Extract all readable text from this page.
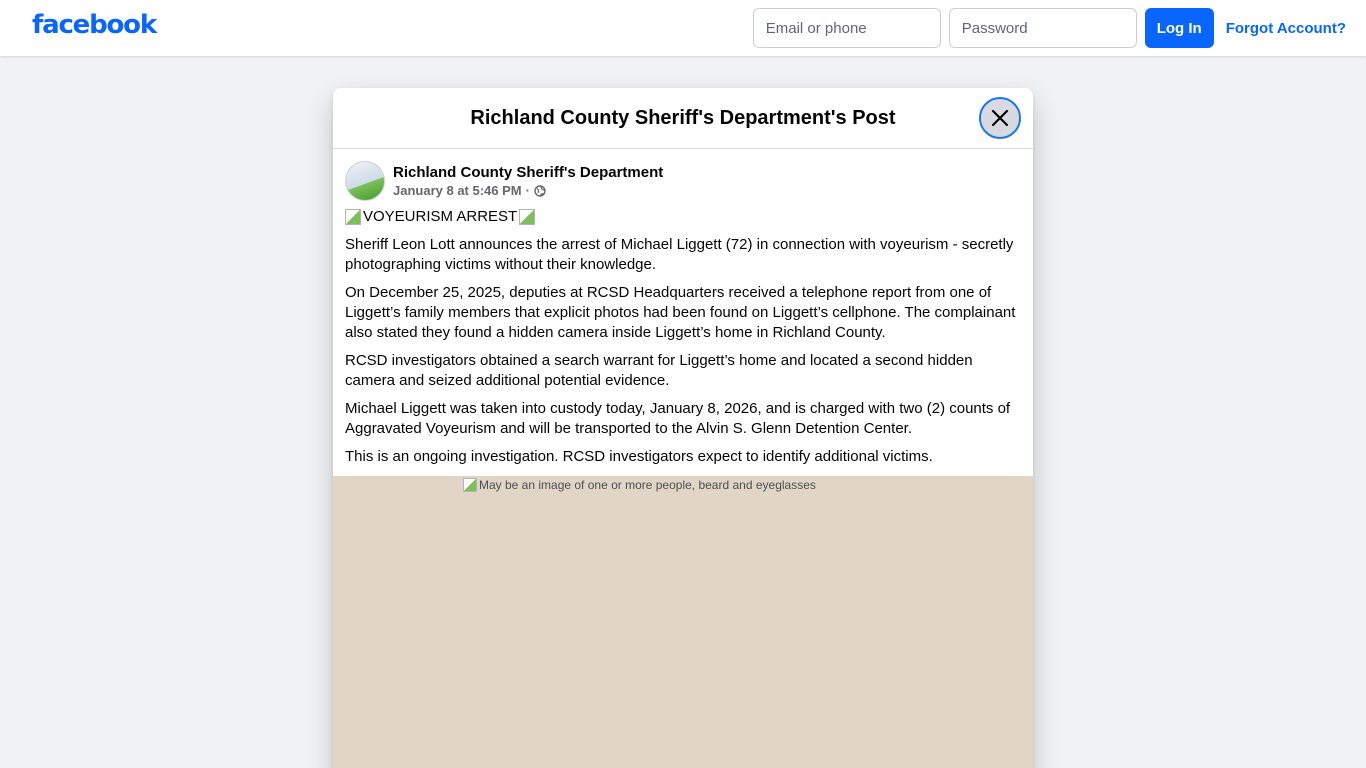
facebook
Email or phone	Log In	Forgot Account?
Richland County Sheriff's Department's Post
Richland County Sheriff's Department
January 8 at 5:46 PM ·
VOYEURISM ARREST

Sheriff Leon Lott announces the arrest of Michael Liggett (72) in connection with voyeurism - secretly photographing victims without their knowledge.

On December 25, 2025, deputies at RCSD Headquarters received a telephone report from one of Liggett’s family members that explicit photos had been found on Liggett’s cellphone. The complainant also stated they found a hidden camera inside Liggett’s home in Richland County.

RCSD investigators obtained a search warrant for Liggett’s home and located a second hidden camera and seized additional potential evidence.

Michael Liggett was taken into custody today, January 8, 2026, and is charged with two (2) counts of Aggravated Voyeurism and will be transported to the Alvin S. Glenn Detention Center.

This is an ongoing investigation. RCSD investigators expect to identify additional victims.

May be an image of one or more people, beard and eyeglasses
